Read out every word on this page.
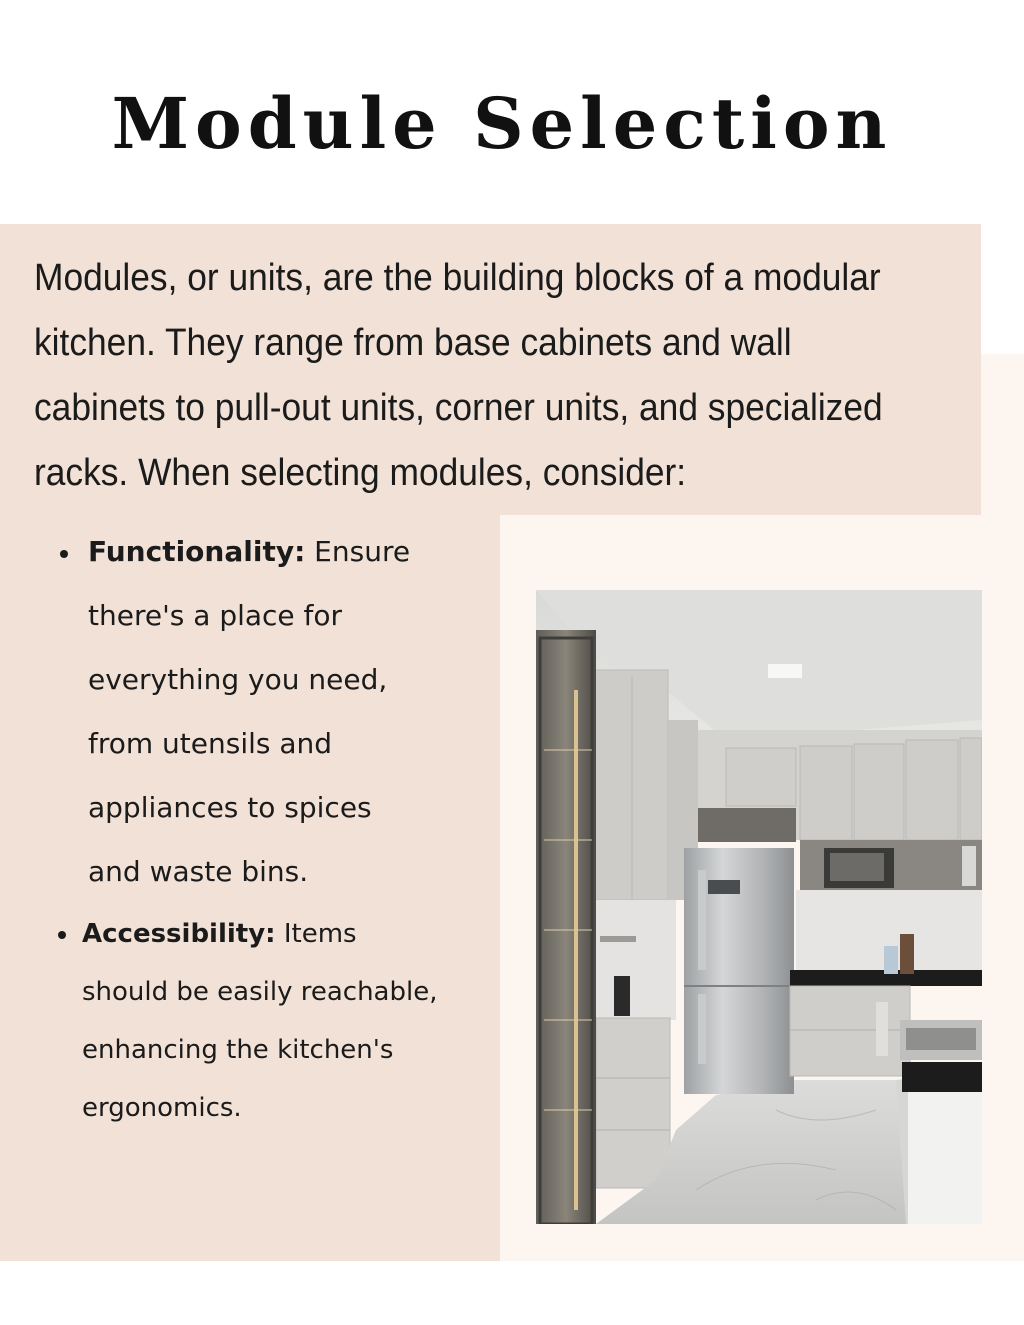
Module Selection

Modules, or units, are the building blocks of a modular kitchen. They range from base cabinets and wall cabinets to pull-out units, corner units, and specialized racks. When selecting modules, consider:

Functionality: Ensure there's a place for everything you need, from utensils and appliances to spices and waste bins.
Accessibility: Items should be easily reachable, enhancing the kitchen's ergonomics.
